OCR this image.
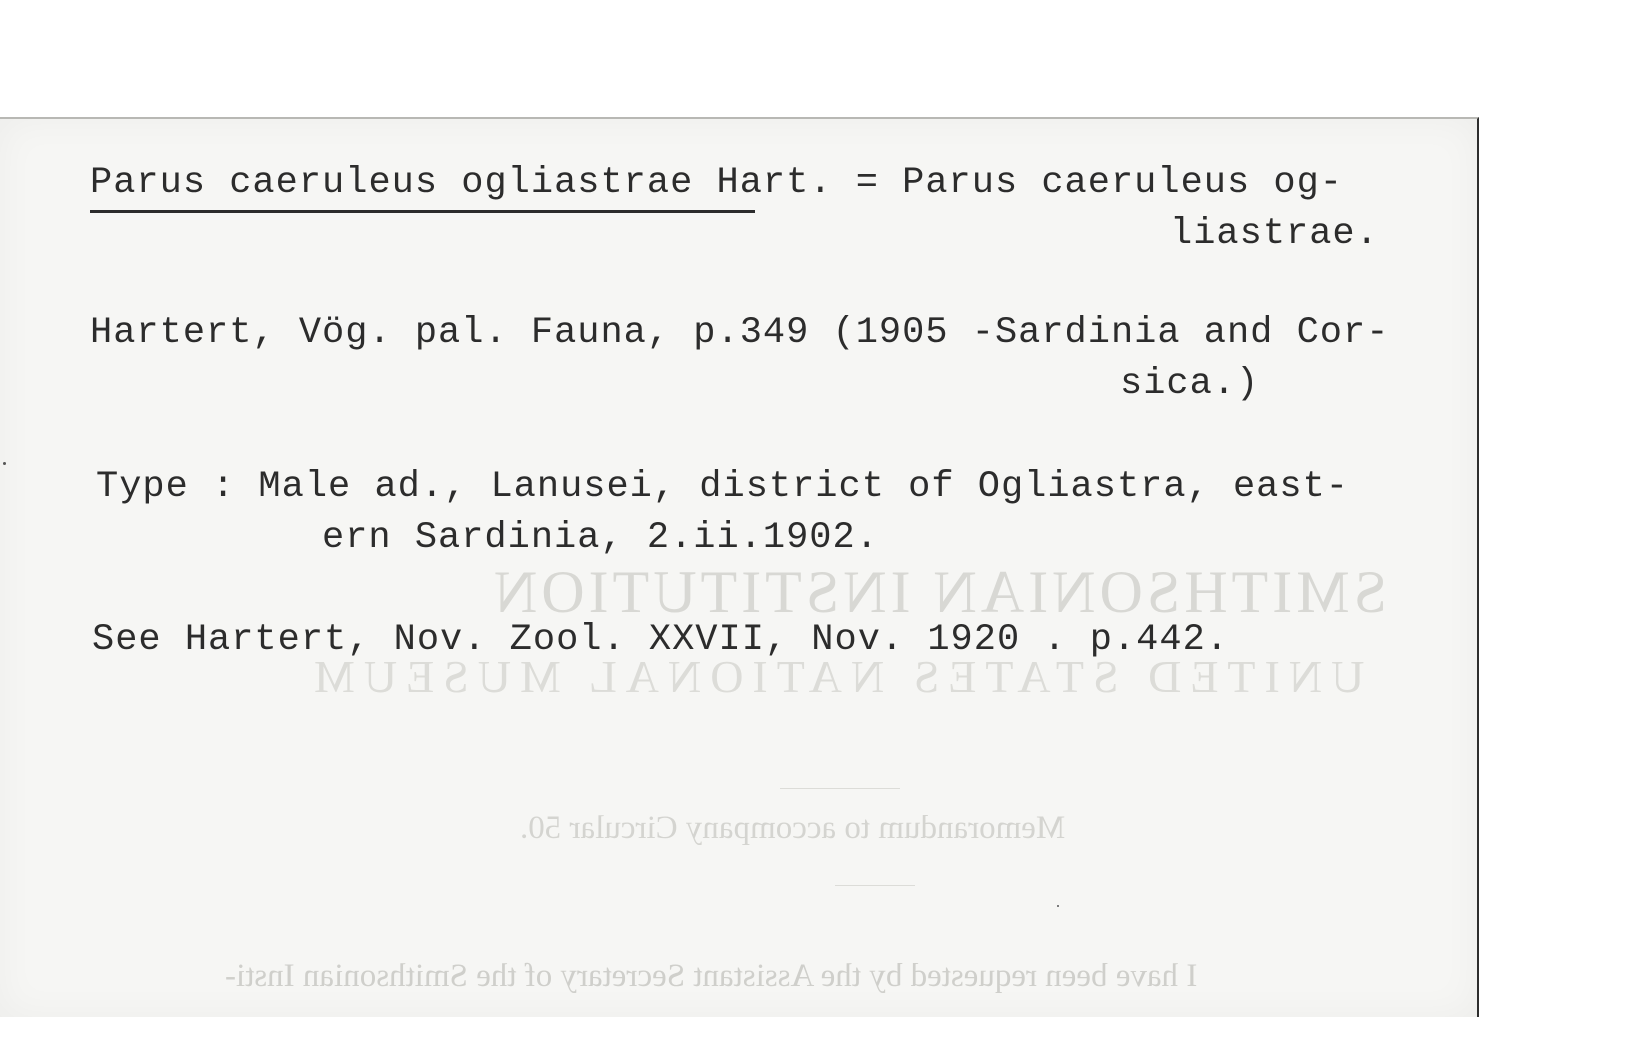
SMITHSONIAN INSTITUTION
UNITED STATES NATIONAL MUSEUM
Memorandum to accompany Circular 50.
I have been requested by the Assistant Secretary of the Smithsonian Insti-
Parus caeruleus ogliastrae Hart. = Parus caeruleus og-
liastrae.
Hartert, Vög. pal. Fauna, p.349 (1905 -Sardinia and Cor-
sica.)
Type : Male ad., Lanusei, district of Ogliastra, east-
ern Sardinia, 2.ii.1902.
See Hartert, Nov. Zool. XXVII, Nov. 1920 . p.442.
